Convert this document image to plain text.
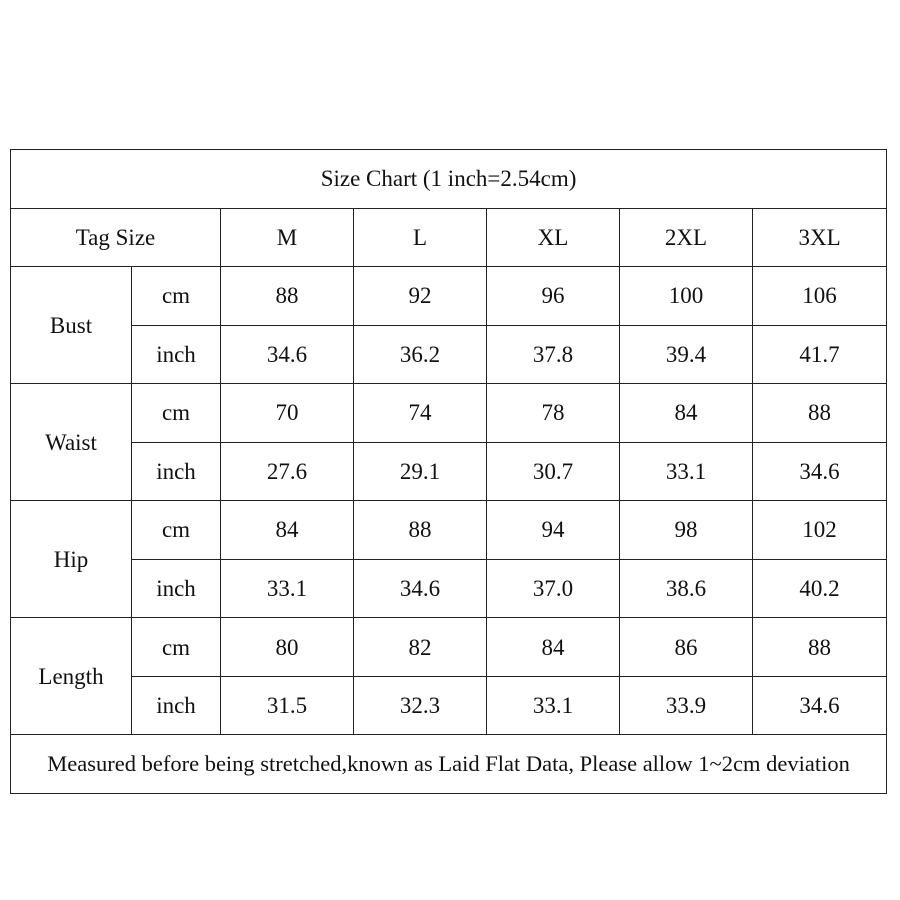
Size Chart (1 inch=2.54cm)						
Tag Size		M	L	XL	2XL	3XL
Bust	cm	88	92	96	100	106
	inch	34.6	36.2	37.8	39.4	41.7
Waist	cm	70	74	78	84	88
	inch	27.6	29.1	30.7	33.1	34.6
Hip	cm	84	88	94	98	102
	inch	33.1	34.6	37.0	38.6	40.2
Length	cm	80	82	84	86	88
	inch	31.5	32.3	33.1	33.9	34.6
Measured before being stretched,known as Laid Flat Data, Please allow 1~2cm deviation						
